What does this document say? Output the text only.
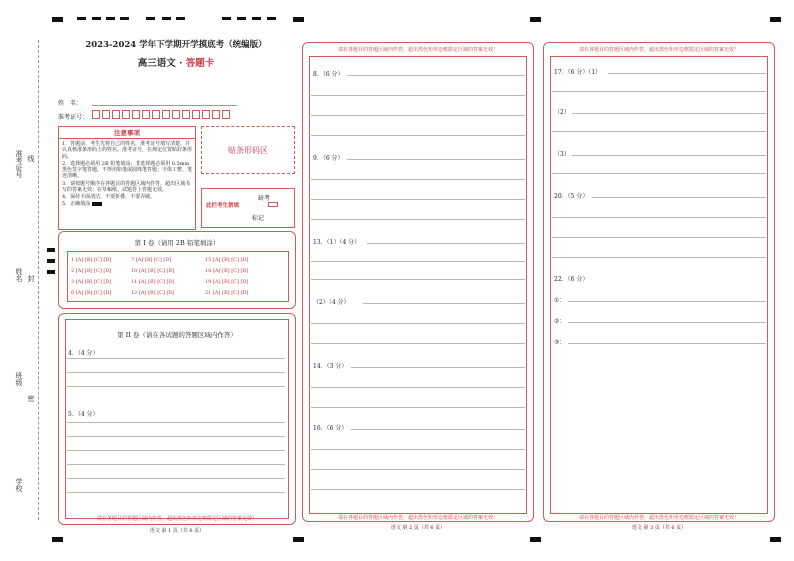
准考证号 线
姓名 封
班级
密
学校
2023-2024 学年下学期开学摸底考（统编版）
高三语文 · 答题卡
姓　名：
准考证号：
注意事项
1．答题前，考生先将自己的姓名，准考证号填写清楚，并认真核准条形码上的姓名、准考证号，在规定位置贴好条形码。
2．选择题必须用 2B 铅笔填涂；非选择题必须用 0.5mm 黑色签字笔答题，不得用铅笔或圆珠笔答题；字体工整、笔迹清晰。
3．请按题号顺序在各题目的答题区域内作答，超出区域书写的答案无效；在草稿纸、试题卷上答题无效。
4．保持卡面清洁，不要折叠、不要弄破。
5．正确填涂
贴条形码区
此栏考生禁填
缺考
标记
第 I 卷（请用 2B 铅笔填涂）
1 [A] [B] [C] [D]
2 [A] [B] [C] [D]
3 [A] [B] [C] [D]
6 [A] [B] [C] [D]
7 [A] [B] [C] [D]
10 [A] [B] [C] [D]
11 [A] [B] [C] [D]
12 [A] [B] [C] [D]
15 [A] [B] [C] [D]
18 [A] [B] [C] [D]
19 [A] [B] [C] [D]
21 [A] [B] [C] [D]
第 II 卷（请在各试题的答题区域内作答）
4．（4 分）
5．（4 分）
请在各题目的答题区域内作答，超出黑色矩形边框限定区域的答案无效！
语文 第 1 页（共 6 页）
请在各题目的答题区域内作答，超出黑色矩形边框限定区域的答案无效！
8．（6 分）
9．（6 分）
13．（1）（4 分）
（2）（4 分）
14．（3 分）
16．（6 分）
请在各题目的答题区域内作答，超出黑色矩形边框限定区域的答案无效！
语文 第 2 页（共 6 页）
请在各题目的答题区域内作答，超出黑色矩形边框限定区域的答案无效！
17．（6 分）（1）
（2）
（3）
20．（5 分）
22．（6 分）
①：
②：
③：
请在各题目的答题区域内作答，超出黑色矩形边框限定区域的答案无效！
语文 第 3 页（共 6 页）
